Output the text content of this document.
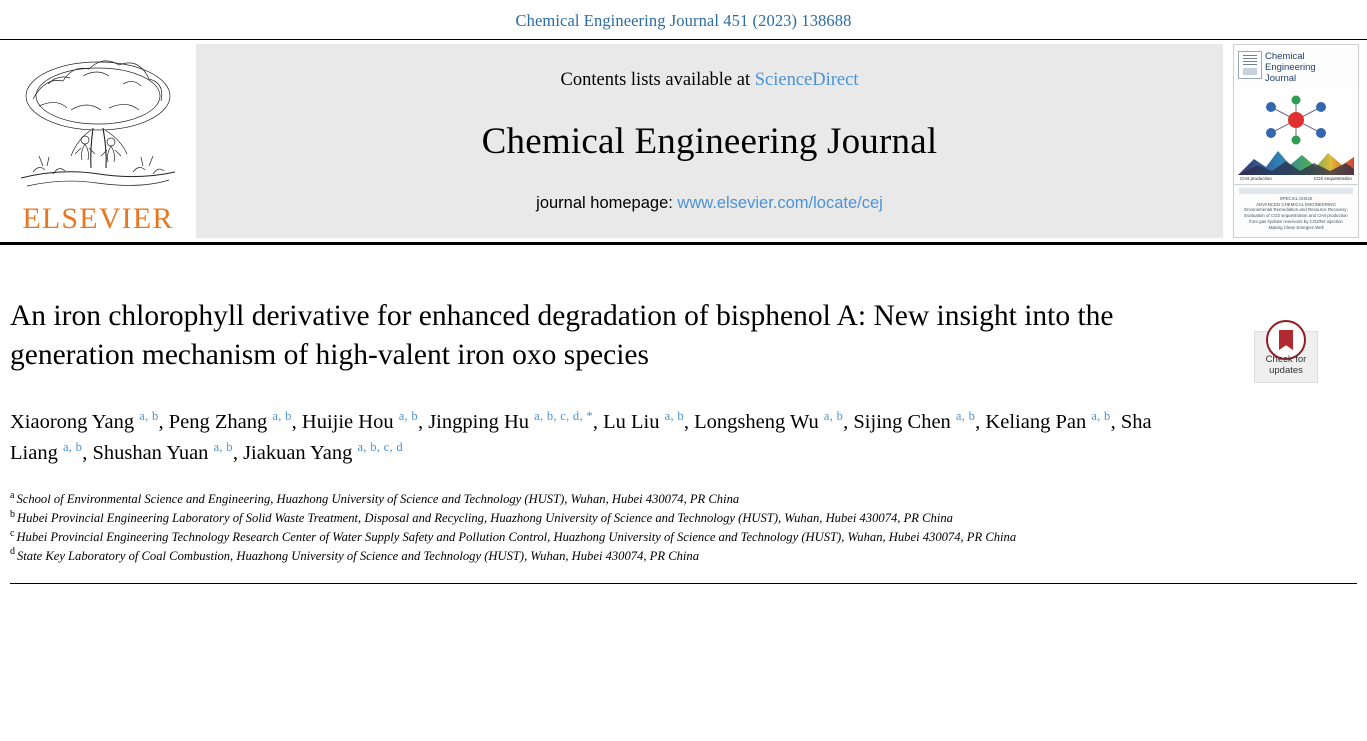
Chemical Engineering Journal 451 (2023) 138688
ELSEVIER
Contents lists available at ScienceDirect
Chemical Engineering Journal
journal homepage: www.elsevier.com/locate/cej
Chemical
Engineering
Journal
CH4 production	CO2 sequestration
SPECIAL ISSUE
ADVANCED CHEMICAL ENGINEERING
Environmental Remediation and Resource Recovery:
Evaluation of CO2 sequestration and CH4 production
from gas hydrate reservoirs by CO2/N2 injection
Making Clean Energies Well
Check for
updates
An iron chlorophyll derivative for enhanced degradation of bisphenol A: New insight into the generation mechanism of high-valent iron oxo species
Xiaorong Yang $^{a, b}$, Peng Zhang $^{a, b}$, Huijie Hou $^{a, b}$, Jingping Hu $^{a, b, c, d, *}$, Lu Liu $^{a, b}$, Longsheng Wu $^{a, b}$, Sijing Chen $^{a, b}$, Keliang Pan $^{a, b}$, Sha Liang $^{a, b}$, Shushan Yuan $^{a, b}$, Jiakuan Yang $^{a, b, c, d}$
$^a$ School of Environmental Science and Engineering, Huazhong University of Science and Technology (HUST), Wuhan, Hubei 430074, PR China
$^b$ Hubei Provincial Engineering Laboratory of Solid Waste Treatment, Disposal and Recycling, Huazhong University of Science and Technology (HUST), Wuhan, Hubei 430074, PR China
$^c$ Hubei Provincial Engineering Technology Research Center of Water Supply Safety and Pollution Control, Huazhong University of Science and Technology (HUST), Wuhan, Hubei 430074, PR China
$^d$ State Key Laboratory of Coal Combustion, Huazhong University of Science and Technology (HUST), Wuhan, Hubei 430074, PR China
